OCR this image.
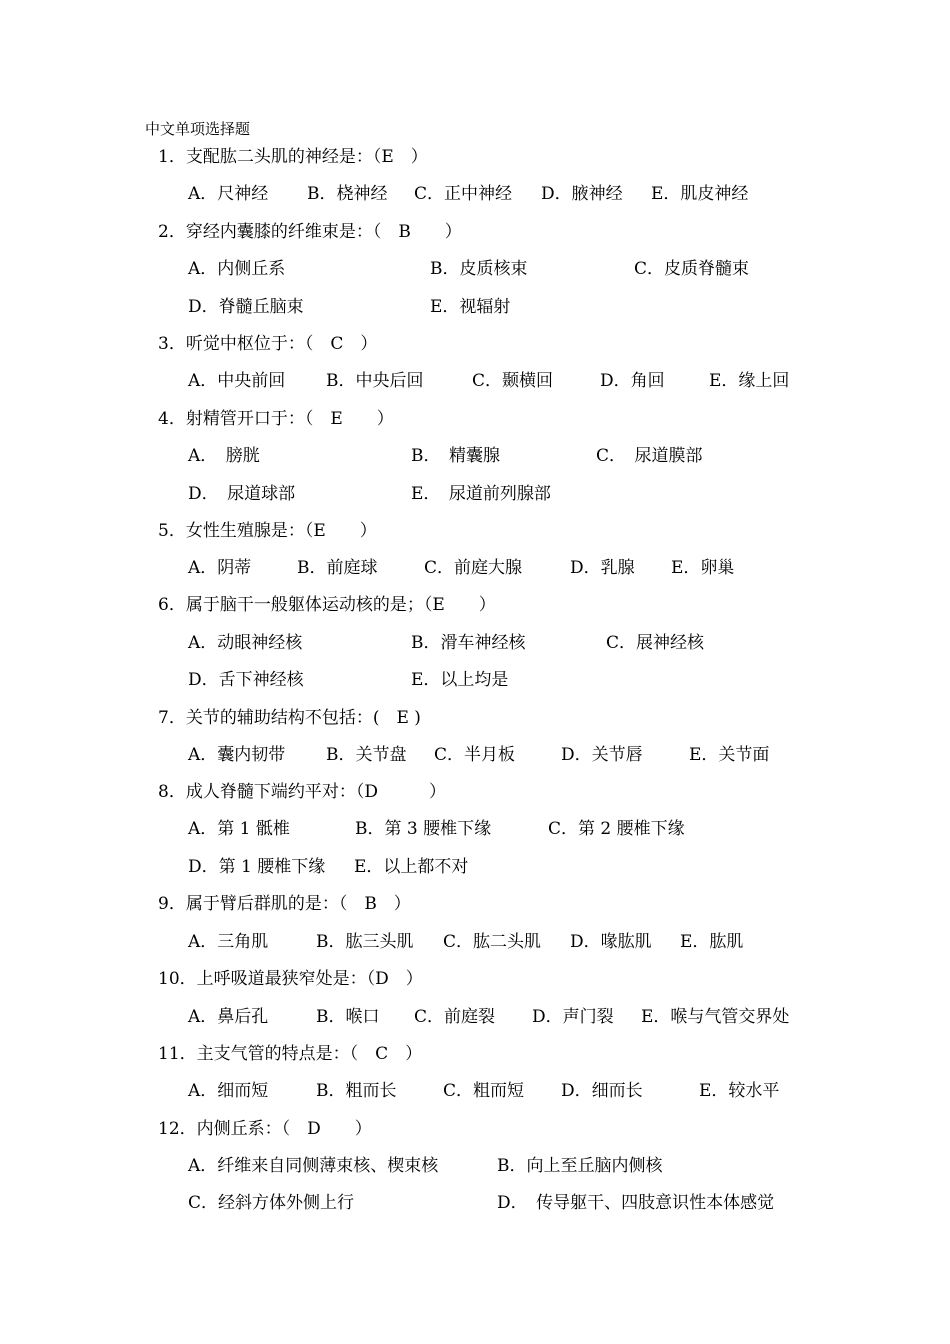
中文单项选择题
1．支配肱二头肌的神经是：（E　）
A．尺神经 B．桡神经 C．正中神经 D．腋神经 E．肌皮神经
2．穿经内囊膝的纤维束是：（　B　　）
A．内侧丘系	B．皮质核束	C．皮质脊髓束
D．脊髓丘脑束	E．视辐射
3．听觉中枢位于：（　C　）
A．中央前回 B．中央后回	C．颞横回	D．角回	E．缘上回
4．射精管开口于：（　E　　）
A．　膀胱	B．　精囊腺	C．　尿道膜部
D．　尿道球部	E．　尿道前列腺部
5．女性生殖腺是：（E　　）
A．阴蒂	B．前庭球	C．前庭大腺	D．乳腺 E．卵巢
6．属于脑干一般躯体运动核的是；（E　　）
A．动眼神经核	B．滑车神经核	C．展神经核
D．舌下神经核	E．以上均是
7．关节的辅助结构不包括：(　E )
A．囊内韧带 B．关节盘 C．半月板	D．关节唇	E．关节面
8．成人脊髓下端约平对：（D　　　）
A．第 1 骶椎	B．第 3 腰椎下缘	C．第 2 腰椎下缘
D．第 1 腰椎下缘 E．以上都不对
9．属于臂后群肌的是：（　B　）
A．三角肌	B．肱三头肌 C．肱二头肌 D．喙肱肌 E．肱肌
10．上呼吸道最狭窄处是：（D　）
A．鼻后孔	B．喉口 C．前庭裂 D．声门裂 E．喉与气管交界处
11．主支气管的特点是：（　C　）
A．细而短	B．粗而长	C．粗而短 D．细而长	E．较水平
12．内侧丘系：（　D　　）
A．纤维来自同侧薄束核、楔束核	B．向上至丘脑内侧核
C．经斜方体外侧上行	D．　传导躯干、四肢意识性本体感觉
